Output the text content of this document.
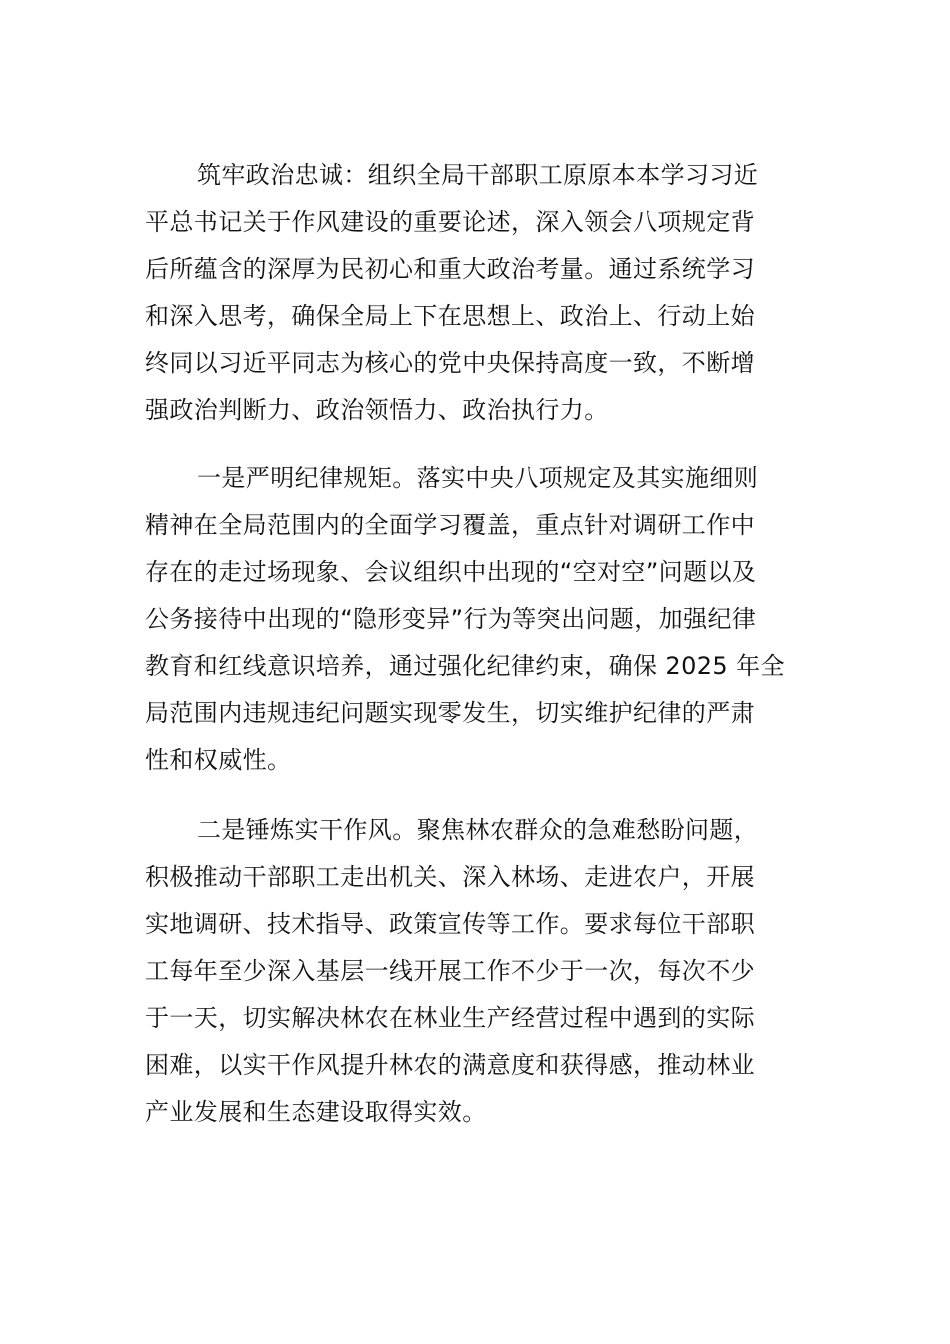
筑牢政治忠诚：组织全局干部职工原原本本学习习近
平总书记关于作风建设的重要论述，深入领会八项规定背
后所蕴含的深厚为民初心和重大政治考量。通过系统学习
和深入思考，确保全局上下在思想上、政治上、行动上始
终同以习近平同志为核心的党中央保持高度一致，不断增
强政治判断力、政治领悟力、政治执行力。
一是严明纪律规矩。落实中央八项规定及其实施细则
精神在全局范围内的全面学习覆盖，重点针对调研工作中
存在的走过场现象、会议组织中出现的“空对空”问题以及
公务接待中出现的“隐形变异”行为等突出问题，加强纪律
教育和红线意识培养，通过强化纪律约束，确保 2025 年全
局范围内违规违纪问题实现零发生，切实维护纪律的严肃
性和权威性。
二是锤炼实干作风。聚焦林农群众的急难愁盼问题，
积极推动干部职工走出机关、深入林场、走进农户，开展
实地调研、技术指导、政策宣传等工作。要求每位干部职
工每年至少深入基层一线开展工作不少于一次，每次不少
于一天，切实解决林农在林业生产经营过程中遇到的实际
困难，以实干作风提升林农的满意度和获得感，推动林业
产业发展和生态建设取得实效。
